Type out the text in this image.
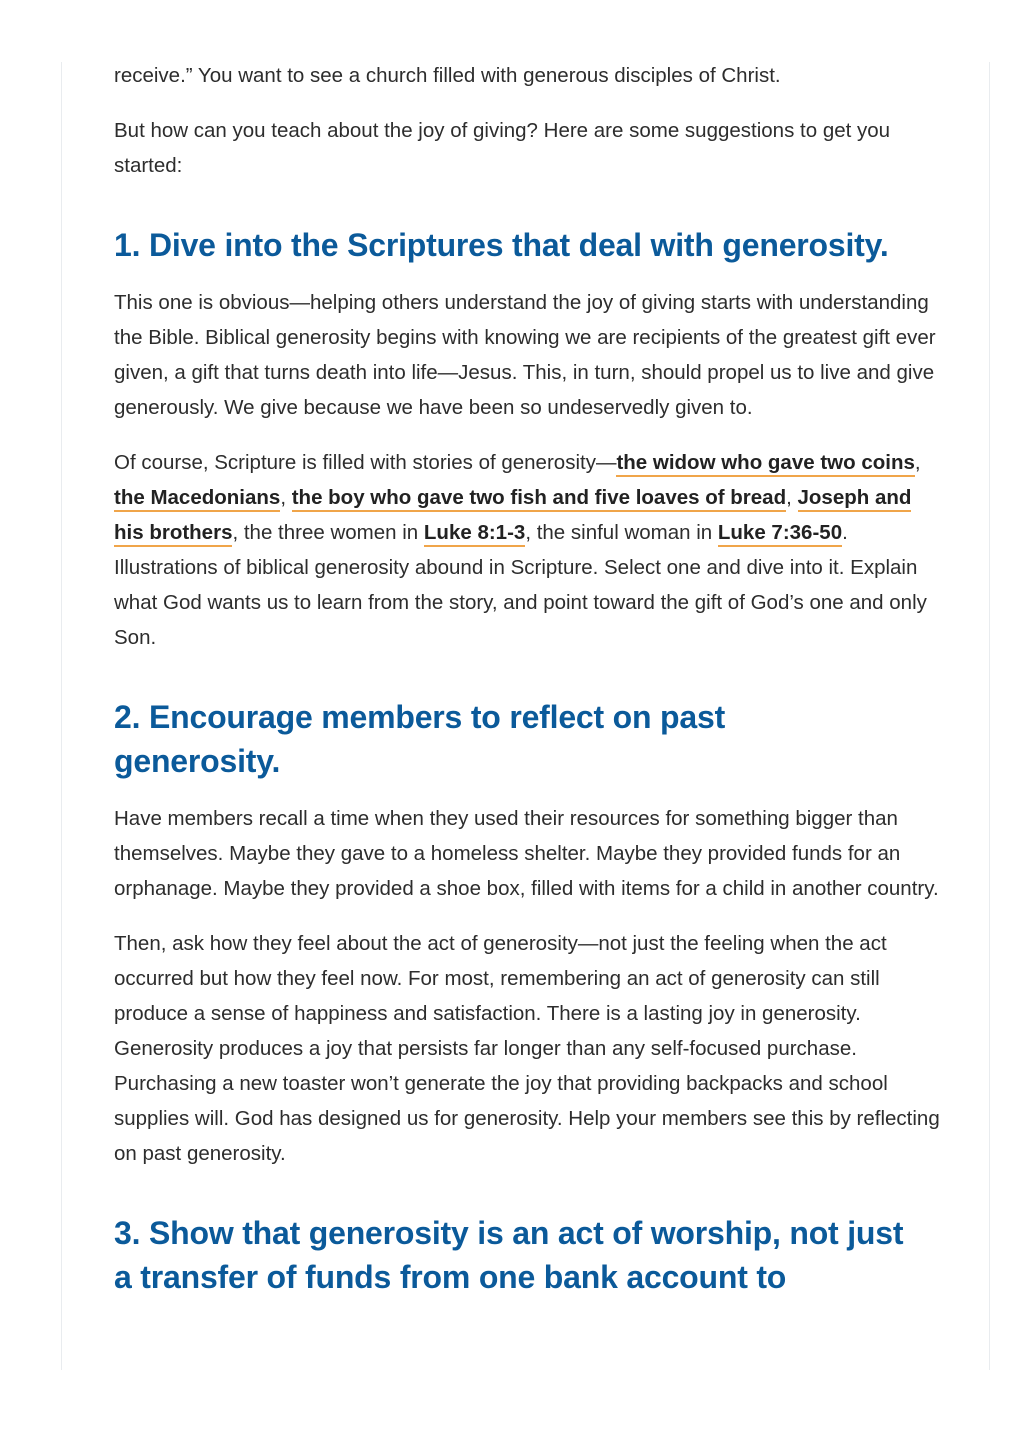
receive.” You want to see a church filled with generous disciples of Christ.

But how can you teach about the joy of giving? Here are some suggestions to get you started:

1. Dive into the Scriptures that deal with generosity.

This one is obvious—helping others understand the joy of giving starts with understanding the Bible. Biblical generosity begins with knowing we are recipients of the greatest gift ever given, a gift that turns death into life—Jesus. This, in turn, should propel us to live and give generously. We give because we have been so undeservedly given to.

Of course, Scripture is filled with stories of generosity—the widow who gave two coins, the Macedonians, the boy who gave two fish and five loaves of bread, Joseph and his brothers, the three women in Luke 8:1-3, the sinful woman in Luke 7:36-50. Illustrations of biblical generosity abound in Scripture. Select one and dive into it. Explain what God wants us to learn from the story, and point toward the gift of God’s one and only Son.

2. Encourage members to reflect on past generosity.

Have members recall a time when they used their resources for something bigger than themselves. Maybe they gave to a homeless shelter. Maybe they provided funds for an orphanage. Maybe they provided a shoe box, filled with items for a child in another country.

Then, ask how they feel about the act of generosity—not just the feeling when the act occurred but how they feel now. For most, remembering an act of generosity can still produce a sense of happiness and satisfaction. There is a lasting joy in generosity. Generosity produces a joy that persists far longer than any self-focused purchase. Purchasing a new toaster won’t generate the joy that providing backpacks and school supplies will. God has designed us for generosity. Help your members see this by reflecting on past generosity.

3. Show that generosity is an act of worship, not just a transfer of funds from one bank account to
